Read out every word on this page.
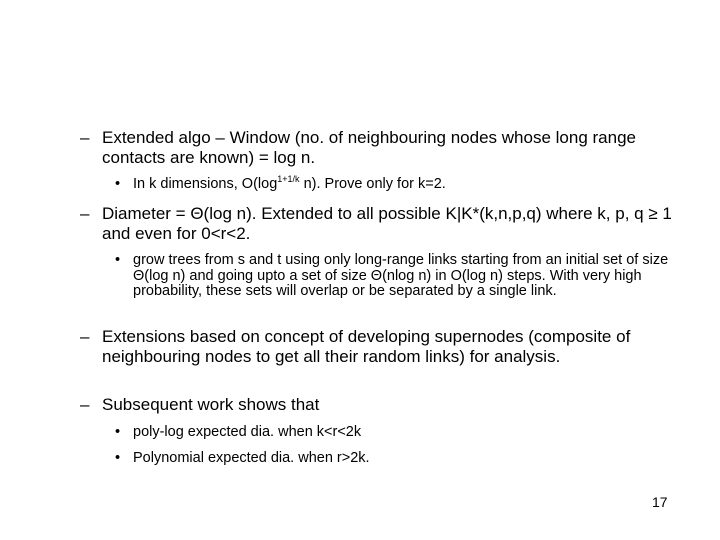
– Extended algo – Window (no. of neighbouring nodes whose long range contacts are known) = log n.
• In k dimensions, $O(\log^{1+1/k}$ n). Prove only for k=2.
– Diameter = Θ(log n). Extended to all possible K|K*(k,n,p,q) where k, p, q ≥ 1 and even for 0<r<2.
• grow trees from s and t using only long-range links starting from an initial set of size Θ(log n) and going upto a set of size Θ(nlog n) in O(log n) steps. With very high probability, these sets will overlap or be separated by a single link.
– Extensions based on concept of developing supernodes (composite of neighbouring nodes to get all their random links) for analysis.
– Subsequent work shows that
• poly-log expected dia. when k<r<2k
• Polynomial expected dia. when r>2k.
17
